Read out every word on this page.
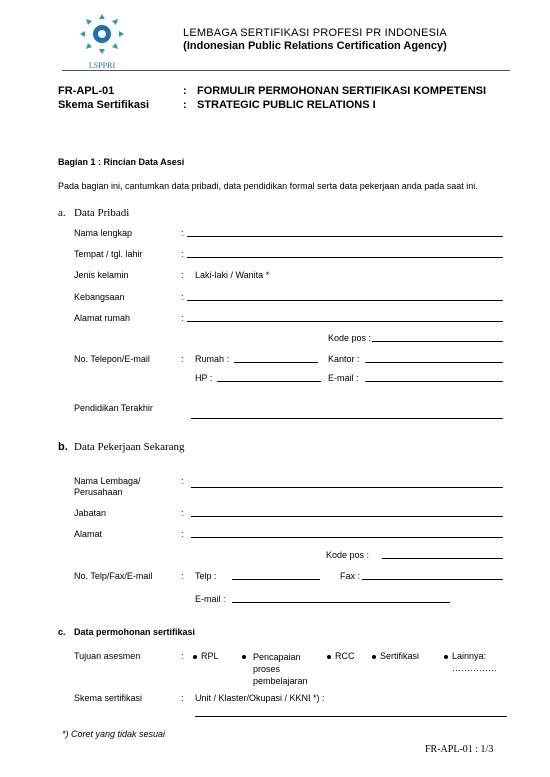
LSPPRI
LEMBAGA SERTIFIKASI PROFESI PR INDONESIA
(Indonesian Public Relations Certification Agency)
FR-APL-01	: FORMULIR PERMOHONAN SERTIFIKASI KOMPETENSI
Skema Sertifikasi	: STRATEGIC PUBLIC RELATIONS I
Bagian 1 : Rincian Data Asesi
Pada bagian ini, cantumkan data pribadi, data pendidikan formal serta data pekerjaan anda pada saat ini.
a. Data Pribadi
Nama lengkap	:
Tempat / tgl. lahir	:
Jenis kelamin	: Laki-laki / Wanita *
Kebangsaan	:
Alamat rumah	:
Kode pos :
No. Telepon/E-mail	: Rumah :	Kantor :
HP :	E-mail :
Pendidikan Terakhir
b. Data Pekerjaan Sekarang
Nama Lembaga/
Perusahaan
:
Jabatan	:
Alamat	:
Kode pos :
No. Telp/Fax/E-mail	: Telp :	Fax :
E-mail :
c. Data permohonan sertifikasi
Tujuan asesmen	:	RPL	Pencapaian proses pembelajaran
RCC	Sertifikasi	Lainnya:
……………
Skema sertifikasi	: Unit / Klaster/Okupasi / KKNI *) :
*) Coret yang tidak sesuai
FR-APL-01 : 1/3
